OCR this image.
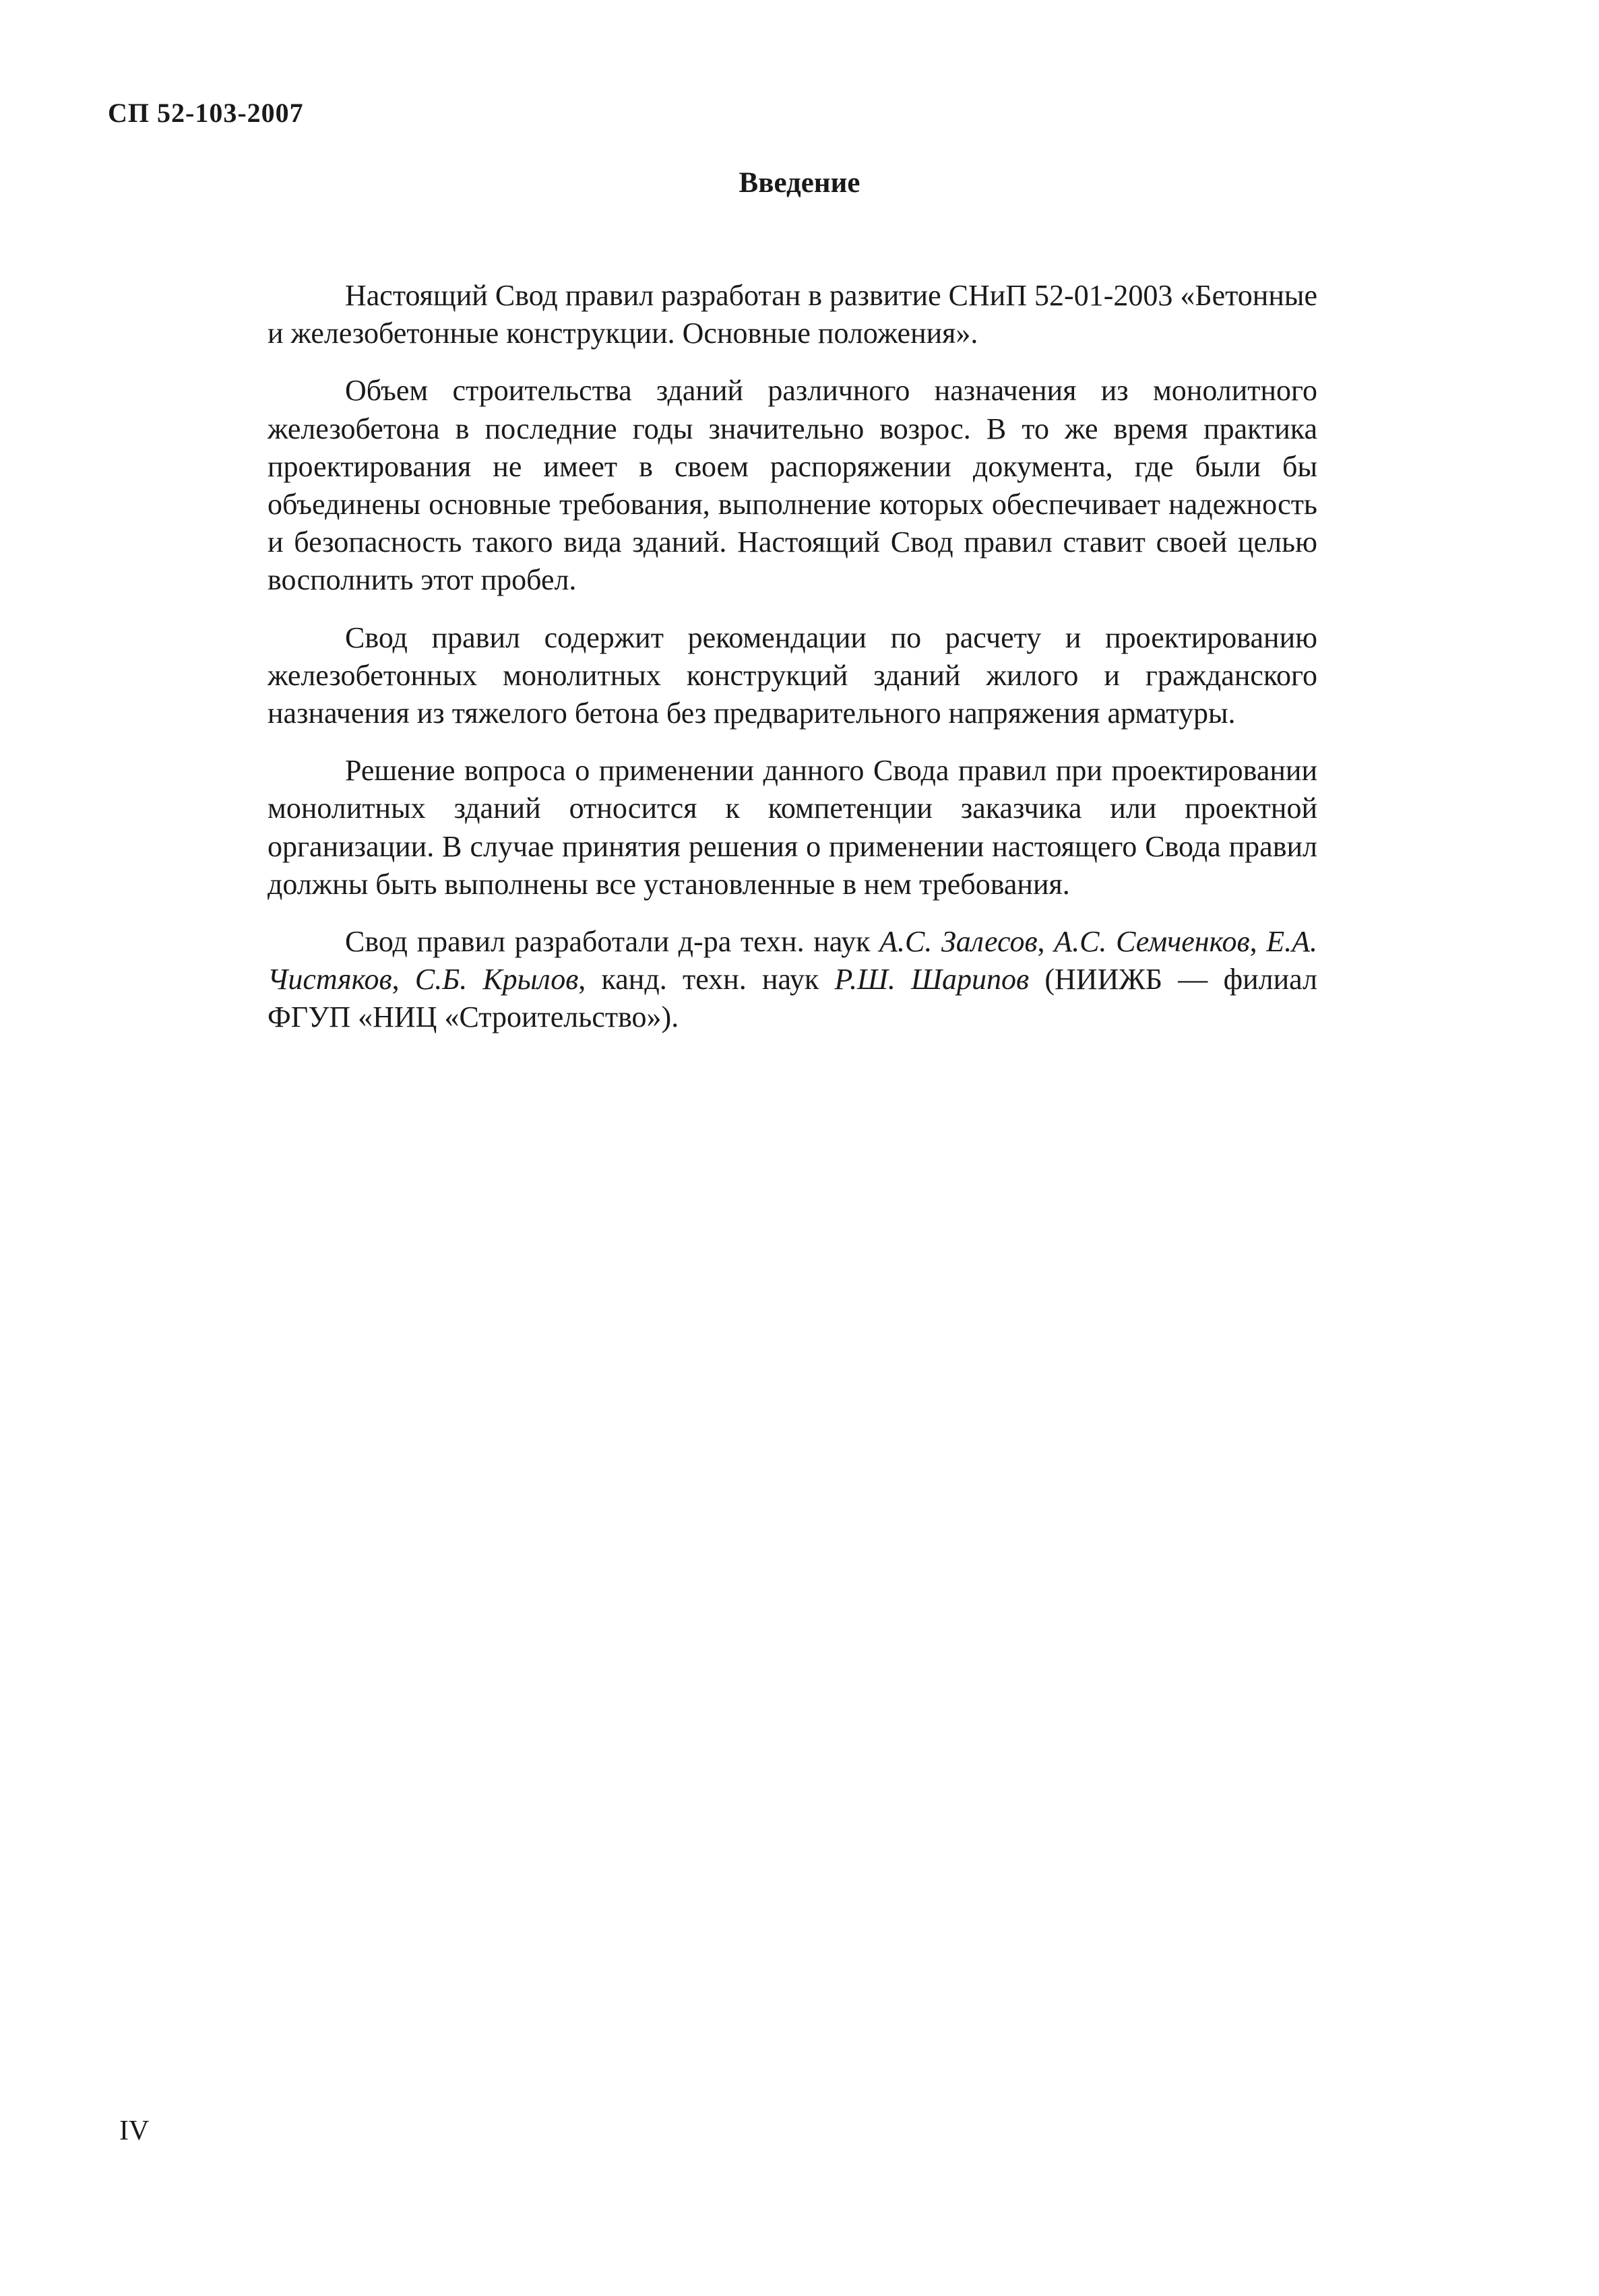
СП 52-103-2007
Введение

Настоящий Свод правил разработан в развитие СНиП 52-01-2003 «Бетонные и железобетонные конструкции. Основные положения».

Объем строительства зданий различного назначения из монолитного железобетона в последние годы значительно возрос. В то же время практика проектирования не имеет в своем распоряжении документа, где были бы объединены основные требования, выполнение которых обеспечивает надежность и безопасность такого вида зданий. Настоящий Свод правил ставит своей целью восполнить этот пробел.

Свод правил содержит рекомендации по расчету и проектированию железобетонных монолитных конструкций зданий жилого и гражданского назначения из тяжелого бетона без предварительного напряжения арматуры.

Решение вопроса о применении данного Свода правил при проектировании монолитных зданий относится к компетенции заказчика или проектной организации. В случае принятия решения о применении настоящего Свода правил должны быть выполнены все установленные в нем требования.

Свод правил разработали д-ра техн. наук А.С. Залесов, А.С. Семченков, Е.А. Чистяков, С.Б. Крылов, канд. техн. наук Р.Ш. Шарипов (НИИЖБ — филиал ФГУП «НИЦ «Строительство»).

IV
